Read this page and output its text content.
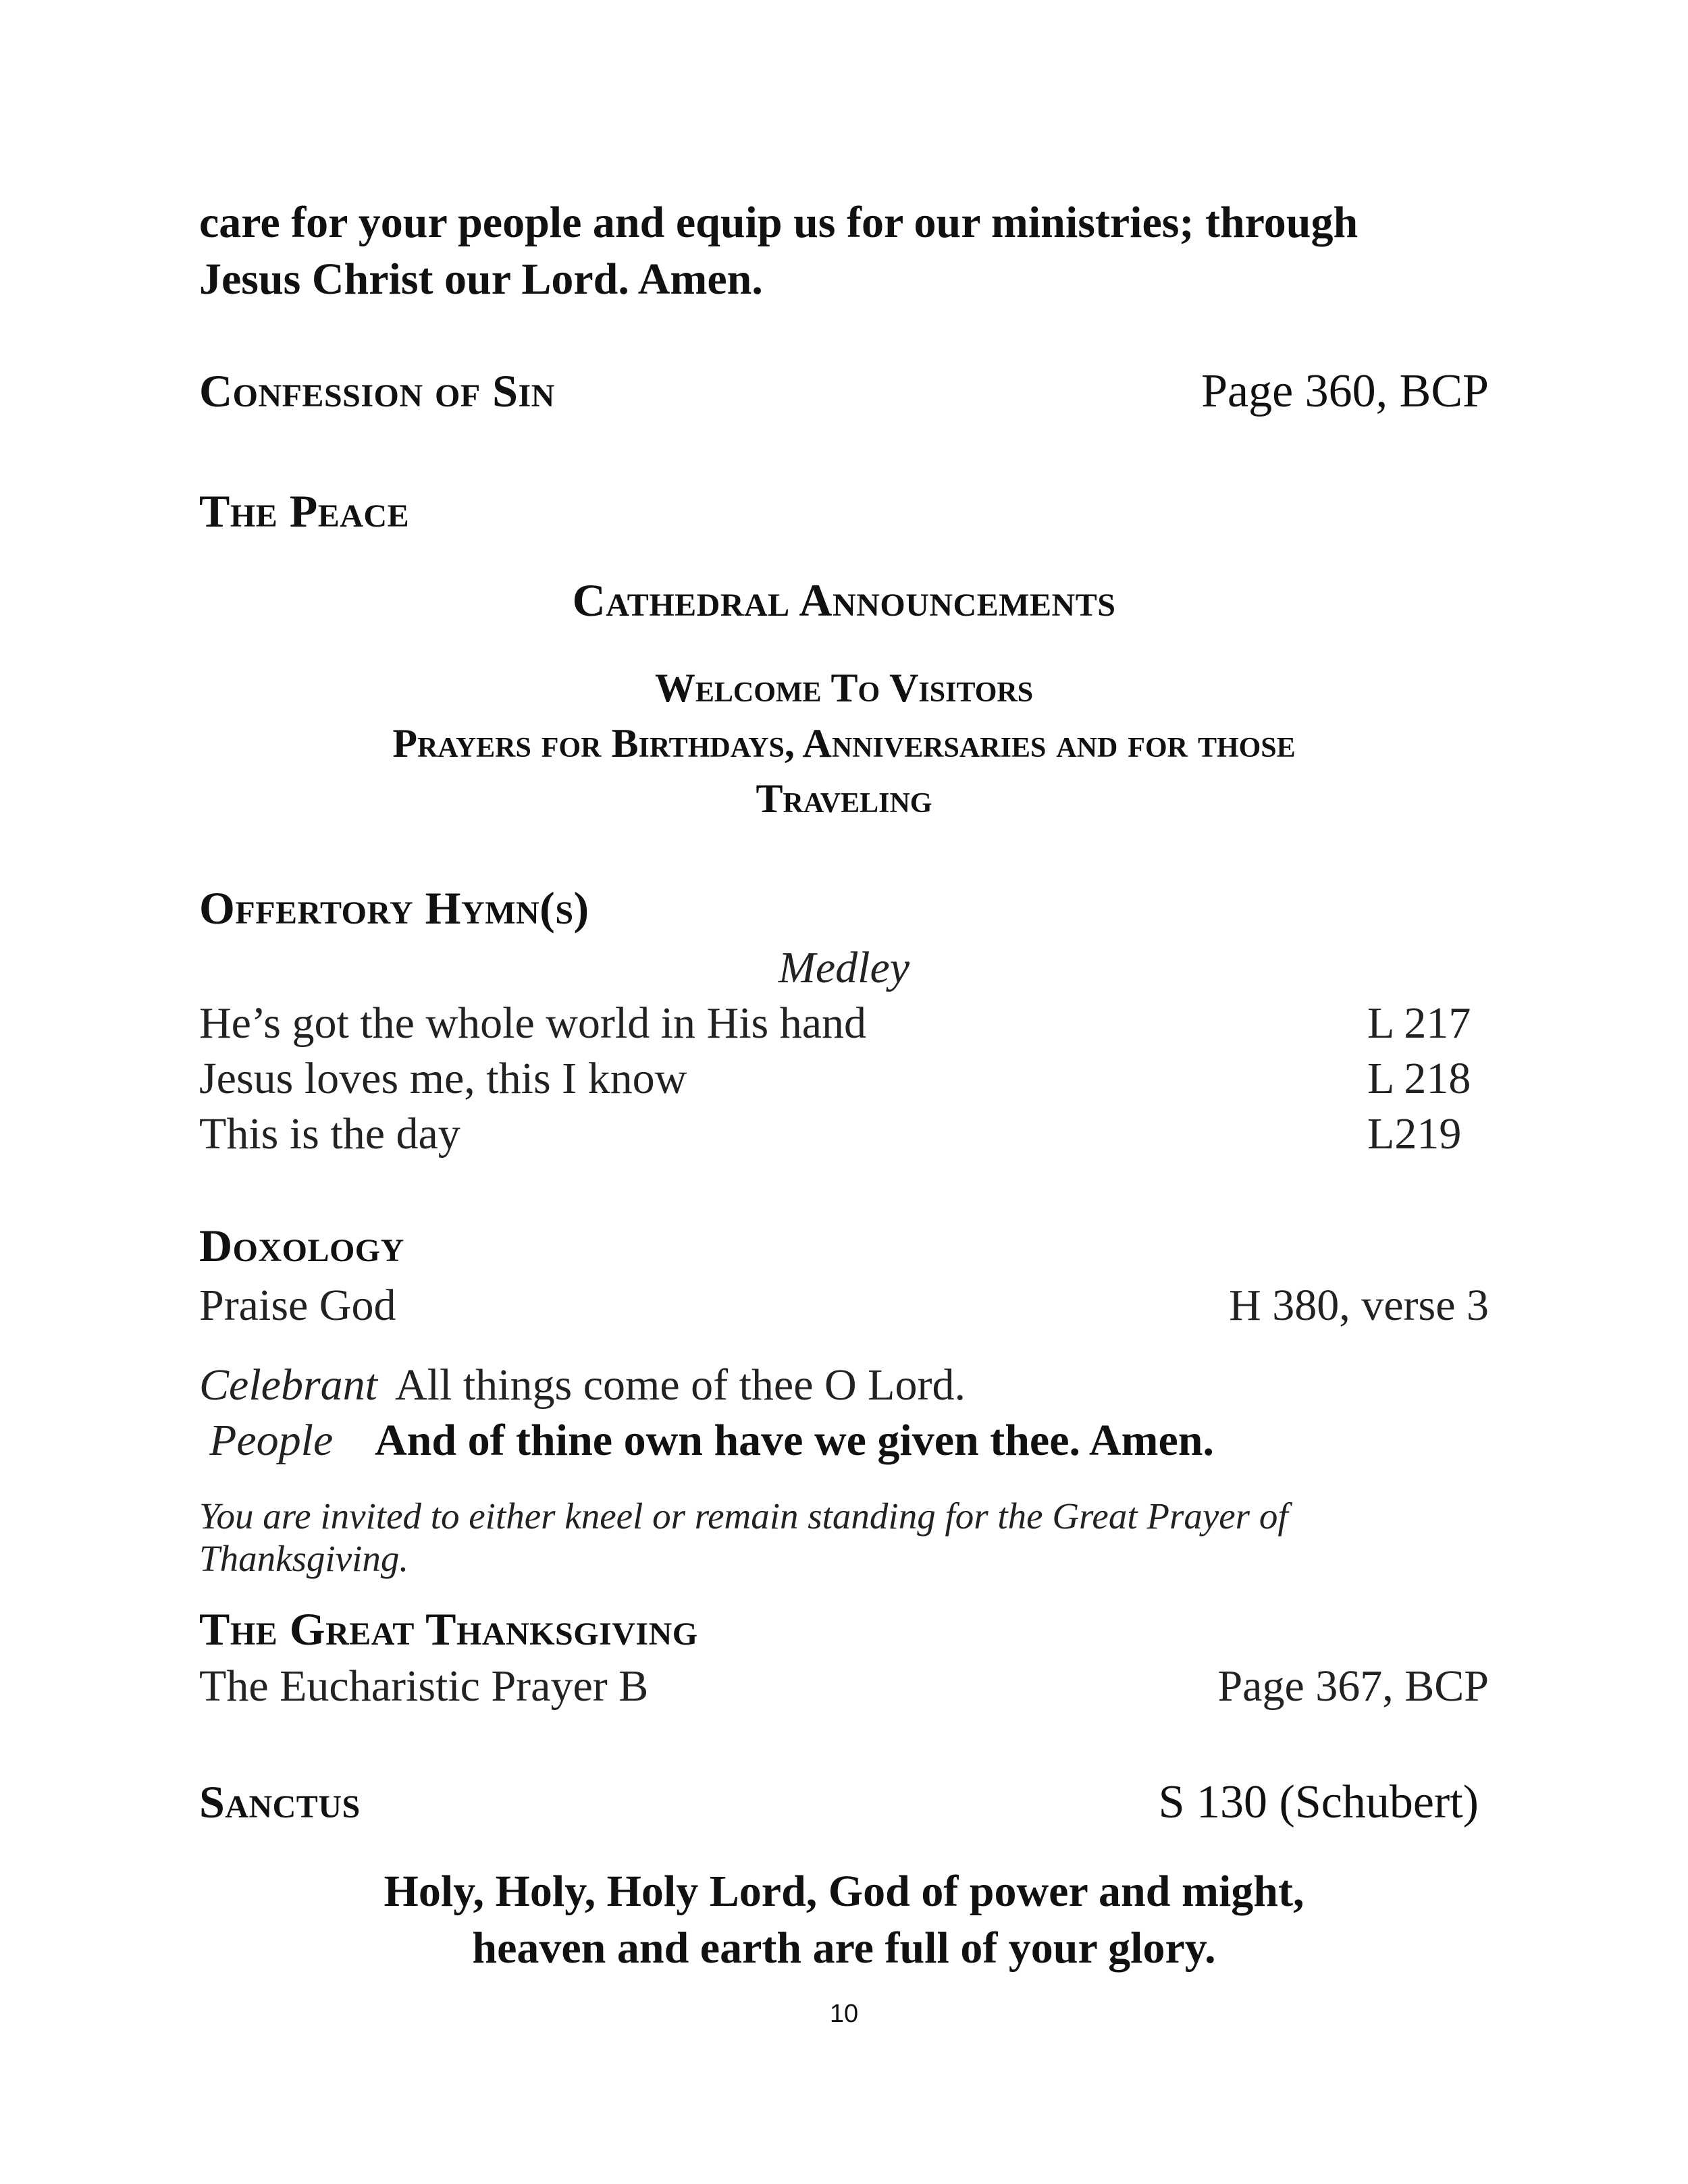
care for your people and equip us for our ministries; through
Jesus Christ our Lord. Amen.
Confession of Sin	Page 360, BCP
The Peace
Cathedral Announcements
Welcome To Visitors
Prayers for Birthdays, Anniversaries and for those
Traveling
Offertory Hymn(s)
Medley
He’s got the whole world in His hand	L 217
Jesus loves me, this I know	L 218
This is the day	L219
Doxology
Praise God	H 380, verse 3
Celebrant All things come of thee O Lord.
People And of thine own have we given thee. Amen.
You are invited to either kneel or remain standing for the Great Prayer of Thanksgiving.
The Great Thanksgiving
The Eucharistic Prayer B	Page 367, BCP
Sanctus	S 130 (Schubert)
Holy, Holy, Holy Lord, God of power and might,
heaven and earth are full of your glory.
10
